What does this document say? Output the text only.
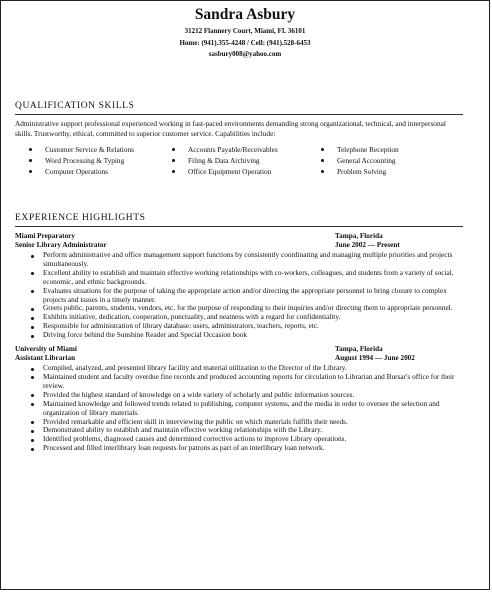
Sandra Asbury
31212 Flannery Court, Miami, FL 36101
Home: (941).355-4248 / Cell: (941).528-6453
sasbury008@yahoo.com
QUALIFICATION SKILLS
Administrative support professional experienced working in fast-paced environments demanding strong organizational, technical, and interpersonal skills. Trustworthy, ethical, committed to superior customer service. Capabilities include:
Customer Service & Relations	Accounts Payable/Receivables	Telephone Reception
Word Processing & Typing	Filing & Data Archiving	General Accounting
Computer Operations	Office Equipment Operation	Problem Solving
EXPERIENCE HIGHLIGHTS
Miami Preparatory	Tampa, Florida
Senior Library Administrator	June 2002 — Present
Perform administrative and office management support functions by consistently coordinating and managing multiple priorities and projects simultaneously.
Excellent ability to establish and maintain effective working relationships with co-workers, colleagues, and students from a variety of social, economic, and ethnic backgrounds.
Evaluates situations for the purpose of taking the appropriate action and/or directing the appropriate personnel to bring closure to complex projects and issues in a timely manner.
Greets public, parents, students, vendors, etc. for the purpose of responding to their inquiries and/or directing them to appropriate personnel.
Exhibits initiative, dedication, cooperation, punctuality, and neatness with a regard for confidentiality.
Responsible for administration of library database: users, administrators, teachers, reports, etc.
Driving force behind the Sunshine Reader and Special Occasion book
University of Miami	Tampa, Florida
Assistant Librarian	August 1994 — June 2002
Compiled, analyzed, and presented library facility and material utilization to the Director of the Library.
Maintained student and faculty overdue fine records and produced accounting reports for circulation to Librarian and Bursar's office for their review.
Provided the highest standard of knowledge on a wide variety of scholarly and public information sources.
Maintained knowledge and followed trends related to publishing, computer systems, and the media in order to oversee the selection and organization of library materials.
Provided remarkable and efficient skill in interviewing the public on which materials fulfills their needs.
Demonstrated ability to establish and maintain effective working relationships with the Library.
Identified problems, diagnosed causes and determined corrective actions to improve Library operations.
Processed and filled interlibrary loan requests for patrons as part of an interlibrary loan network.
